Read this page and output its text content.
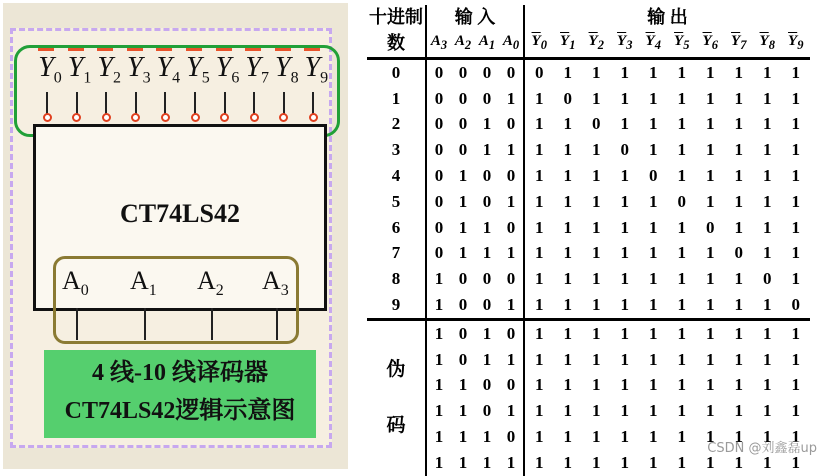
$Y_0$ $Y_1$ $Y_2$ $Y_3$ $Y_4$ $Y_5$ $Y_6$ $Y_7$ $Y_8$ $Y_9$
CT74LS42
$A_0$ $A_1$ $A_2$ $A_3$
4 线-10 线译码器
CT74LS42逻辑示意图
十进制	输 入				输 出									
数	$A_3$	$A_2$	$A_1$	$A_0$	$\overline{Y}_0$	$\overline{Y}_1$	$\overline{Y}_2$	$\overline{Y}_3$	$\overline{Y}_4$	$\overline{Y}_5$	$\overline{Y}_6$	$\overline{Y}_7$	$\overline{Y}_8$	$\overline{Y}_9$
0	0	0	0	0	0	1	1	1	1	1	1	1	1	1
1	0	0	0	1	1	0	1	1	1	1	1	1	1	1
2	0	0	1	0	1	1	0	1	1	1	1	1	1	1
3	0	0	1	1	1	1	1	0	1	1	1	1	1	1
4	0	1	0	0	1	1	1	1	0	1	1	1	1	1
5	0	1	0	1	1	1	1	1	1	0	1	1	1	1
6	0	1	1	0	1	1	1	1	1	1	0	1	1	1
7	0	1	1	1	1	1	1	1	1	1	1	0	1	1
8	1	0	0	0	1	1	1	1	1	1	1	1	0	1
9	1	0	0	1	1	1	1	1	1	1	1	1	1	0

伪
码	1	0	1	0	1	1	1	1	1	1	1	1	1	1
	1	0	1	1	1	1	1	1	1	1	1	1	1	1
	1	1	0	0	1	1	1	1	1	1	1	1	1	1
	1	1	0	1	1	1	1	1	1	1	1	1	1	1
	1	1	1	0	1	1	1	1	1	1	1	1	1	1
	1	1	1	1	1	1	1	1	1	1	1	1	1	1
CSDN @刘鑫磊up
